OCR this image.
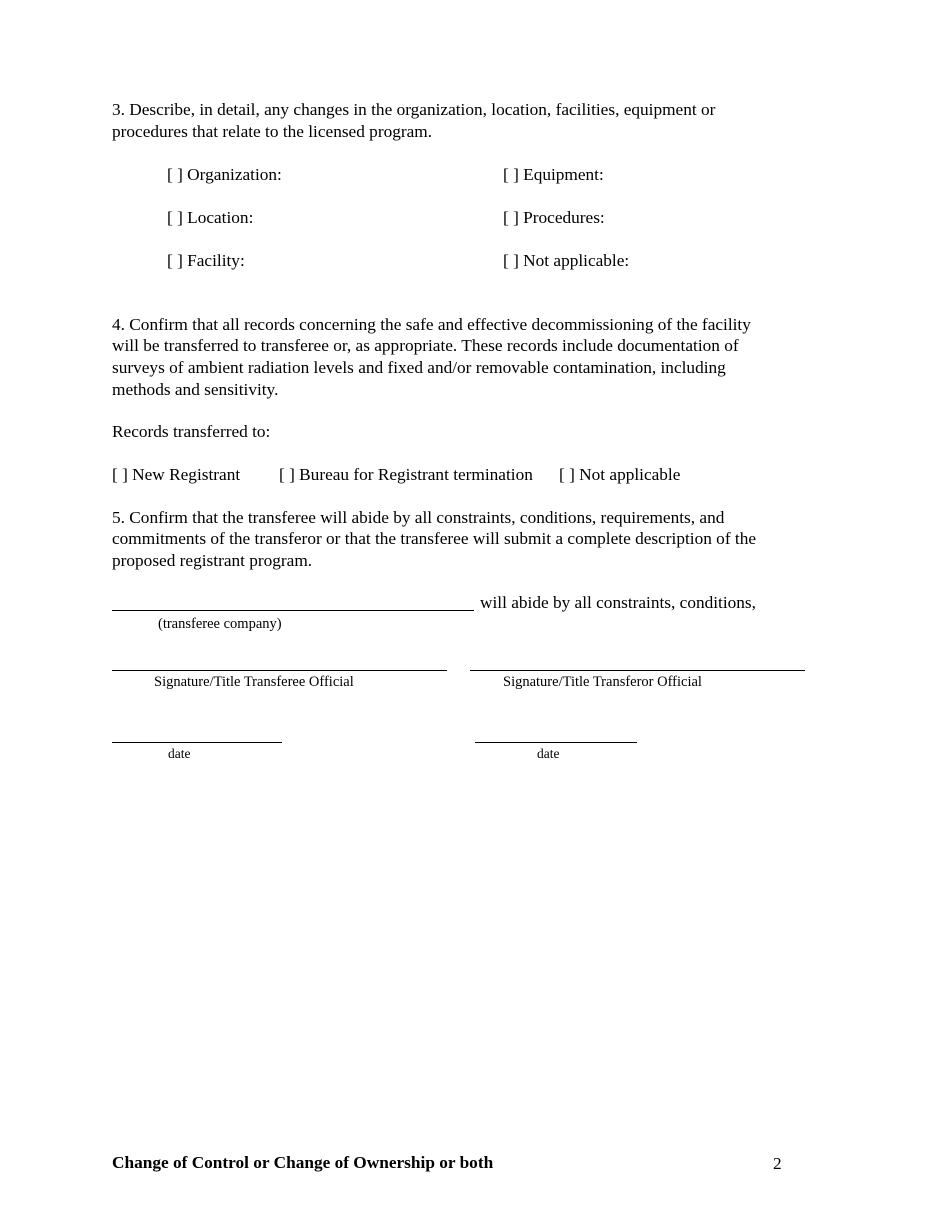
3. Describe, in detail, any changes in the organization, location, facilities, equipment or
procedures that relate to the licensed program.
[ ] Organization:	[ ] Equipment:
[ ] Location:	[ ] Procedures:
[ ] Facility:	[ ] Not applicable:
4. Confirm that all records concerning the safe and effective decommissioning of the facility
will be transferred to transferee or, as appropriate. These records include documentation of
surveys of ambient radiation levels and fixed and/or removable contamination, including
methods and sensitivity.
Records transferred to:
[ ] New Registrant [ ] Bureau for Registrant termination [ ] Not applicable
5. Confirm that the transferee will abide by all constraints, conditions, requirements, and
commitments of the transferor or that the transferee will submit a complete description of the
proposed registrant program.
will abide by all constraints, conditions,
(transferee company)
Signature/Title Transferee Official	Signature/Title Transferor Official
date	date
Change of Control or Change of Ownership or both	2
